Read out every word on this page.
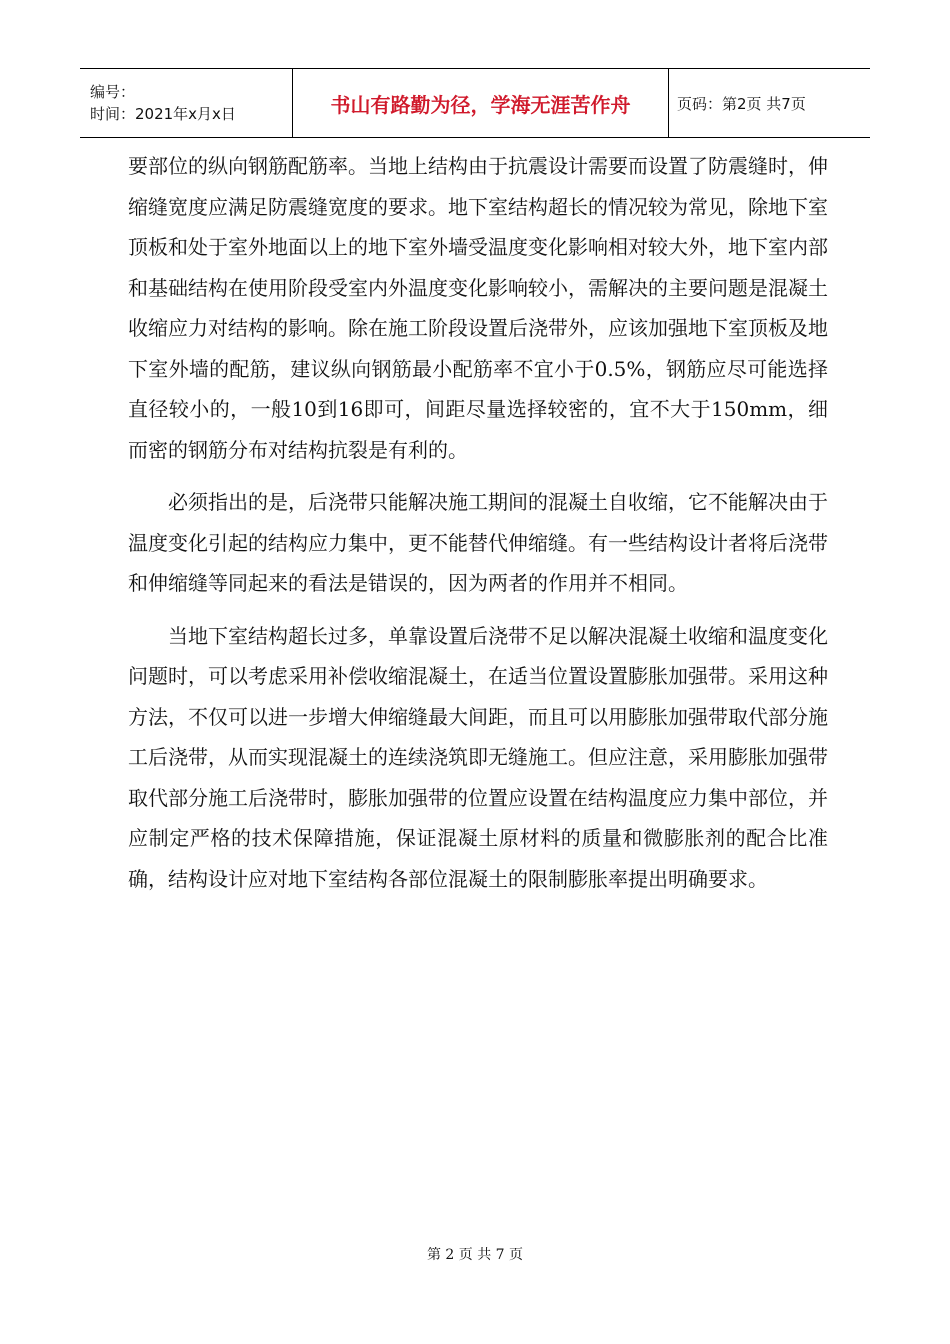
编号：
时间：2021年x月x日	书山有路勤为径，学海无涯苦作舟	页码：第2页 共7页

要部位的纵向钢筋配筋率。当地上结构由于抗震设计需要而设置了防震缝时，伸缩缝宽度应满足防震缝宽度的要求。地下室结构超长的情况较为常见，除地下室顶板和处于室外地面以上的地下室外墙受温度变化影响相对较大外，地下室内部和基础结构在使用阶段受室内外温度变化影响较小，需解决的主要问题是混凝土收缩应力对结构的影响。除在施工阶段设置后浇带外，应该加强地下室顶板及地下室外墙的配筋，建议纵向钢筋最小配筋率不宜小于0.5%，钢筋应尽可能选择直径较小的，一般10到16即可，间距尽量选择较密的，宜不大于150mm，细而密的钢筋分布对结构抗裂是有利的。

必须指出的是，后浇带只能解决施工期间的混凝土自收缩，它不能解决由于温度变化引起的结构应力集中，更不能替代伸缩缝。有一些结构设计者将后浇带和伸缩缝等同起来的看法是错误的，因为两者的作用并不相同。

当地下室结构超长过多，单靠设置后浇带不足以解决混凝土收缩和温度变化问题时，可以考虑采用补偿收缩混凝土，在适当位置设置膨胀加强带。采用这种方法，不仅可以进一步增大伸缩缝最大间距，而且可以用膨胀加强带取代部分施工后浇带，从而实现混凝土的连续浇筑即无缝施工。但应注意，采用膨胀加强带取代部分施工后浇带时，膨胀加强带的位置应设置在结构温度应力集中部位，并应制定严格的技术保障措施，保证混凝土原材料的质量和微膨胀剂的配合比准确，结构设计应对地下室结构各部位混凝土的限制膨胀率提出明确要求。

第 2 页 共 7 页
